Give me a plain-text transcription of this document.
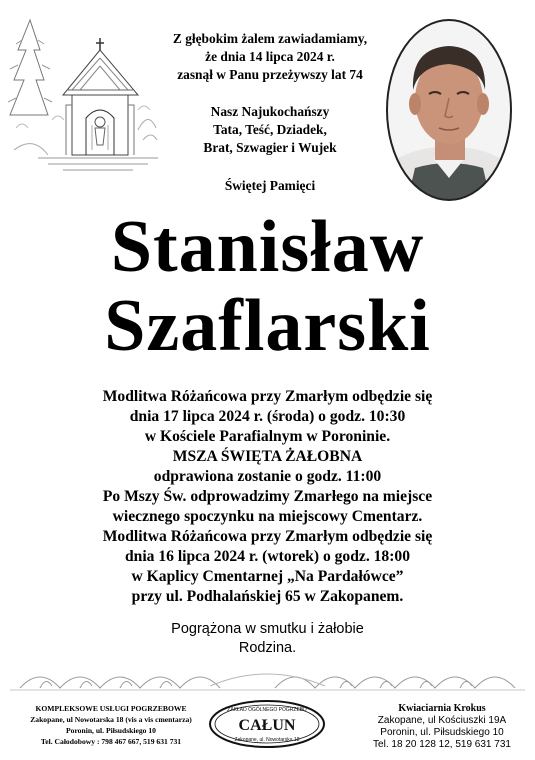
Z głębokim żalem zawiadamiamy,
że dnia 14 lipca 2024 r.
zasnął w Panu przeżywszy lat 74
Nasz Najukochańszy
Tata, Teść, Dziadek,
Brat, Szwagier i Wujek
Świętej Pamięci
Stanisław
Szaflarski
Modlitwa Różańcowa przy Zmarłym odbędzie się
dnia 17 lipca 2024 r. (środa) o godz. 10:30
w Kościele Parafialnym w Poroninie.
MSZA ŚWIĘTA ŻAŁOBNA
odprawiona zostanie o godz. 11:00
Po Mszy Św. odprowadzimy Zmarłego na miejsce
wiecznego spoczynku na miejscowy Cmentarz.
Modlitwa Różańcowa przy Zmarłym odbędzie się
dnia 16 lipca 2024 r. (wtorek) o godz. 18:00
w Kaplicy Cmentarnej „Na Pardałówce”
przy ul. Podhalańskiej 65 w Zakopanem.
Pogrążona w smutku i żałobie
Rodzina.
KOMPLEKSOWE USŁUGI POGRZEBOWE
Zakopane, ul Nowotarska 18 (vis a vis cmentarza)
Poronin, ul. Piłsudskiego 10
Tel. Całodobowy : 798 467 667, 519 631 731
ZAKŁAD OGÓLNEGO POGRZEBU
CAŁUN
Zakopane, ul. Nowotarska 18
Kwiaciarnia Krokus
Zakopane, ul Kościuszki 19A
Poronin, ul. Piłsudskiego 10
Tel. 18 20 128 12, 519 631 731
